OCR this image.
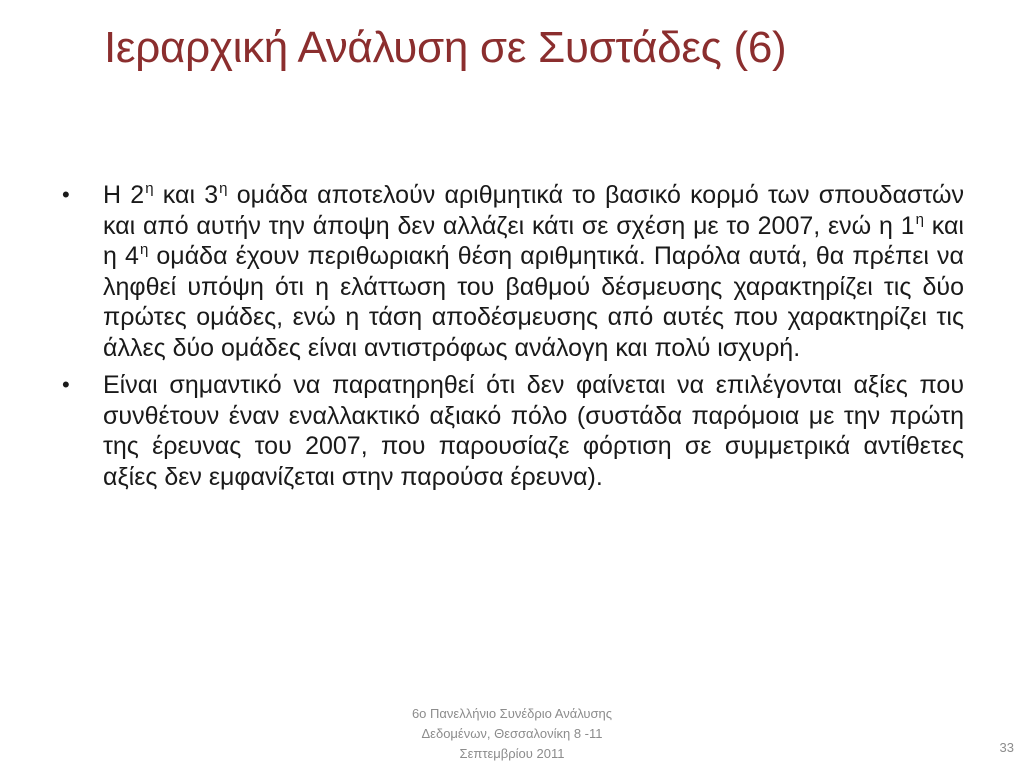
Ιεραρχική Ανάλυση σε Συστάδες (6)
• Η $2^\eta$ και $3^\eta$ ομάδα αποτελούν αριθμητικά το βασικό κορμό των σπουδαστών και από αυτήν την άποψη δεν αλλάζει κάτι σε σχέση με το 2007, ενώ η $1^\eta$ και η $4^\eta$ ομάδα έχουν περιθωριακή θέση αριθμητικά. Παρόλα αυτά, θα πρέπει να ληφθεί υπόψη ότι η ελάττωση του βαθμού δέσμευσης χαρακτηρίζει τις δύο πρώτες ομάδες, ενώ η τάση αποδέσμευσης από αυτές που χαρακτηρίζει τις άλλες δύο ομάδες είναι αντιστρόφως ανάλογη και πολύ ισχυρή.
• Είναι σημαντικό να παρατηρηθεί ότι δεν φαίνεται να επιλέγονται αξίες που συνθέτουν έναν εναλλακτικό αξιακό πόλο (συστάδα παρόμοια με την πρώτη της έρευνας του 2007, που παρουσίαζε φόρτιση σε συμμετρικά αντίθετες αξίες δεν εμφανίζεται στην παρούσα έρευνα).
6ο Πανελλήνιο Συνέδριο Ανάλυσης
Δεδομένων, Θεσσαλονίκη 8 -11
Σεπτεμβρίου 2011	33
